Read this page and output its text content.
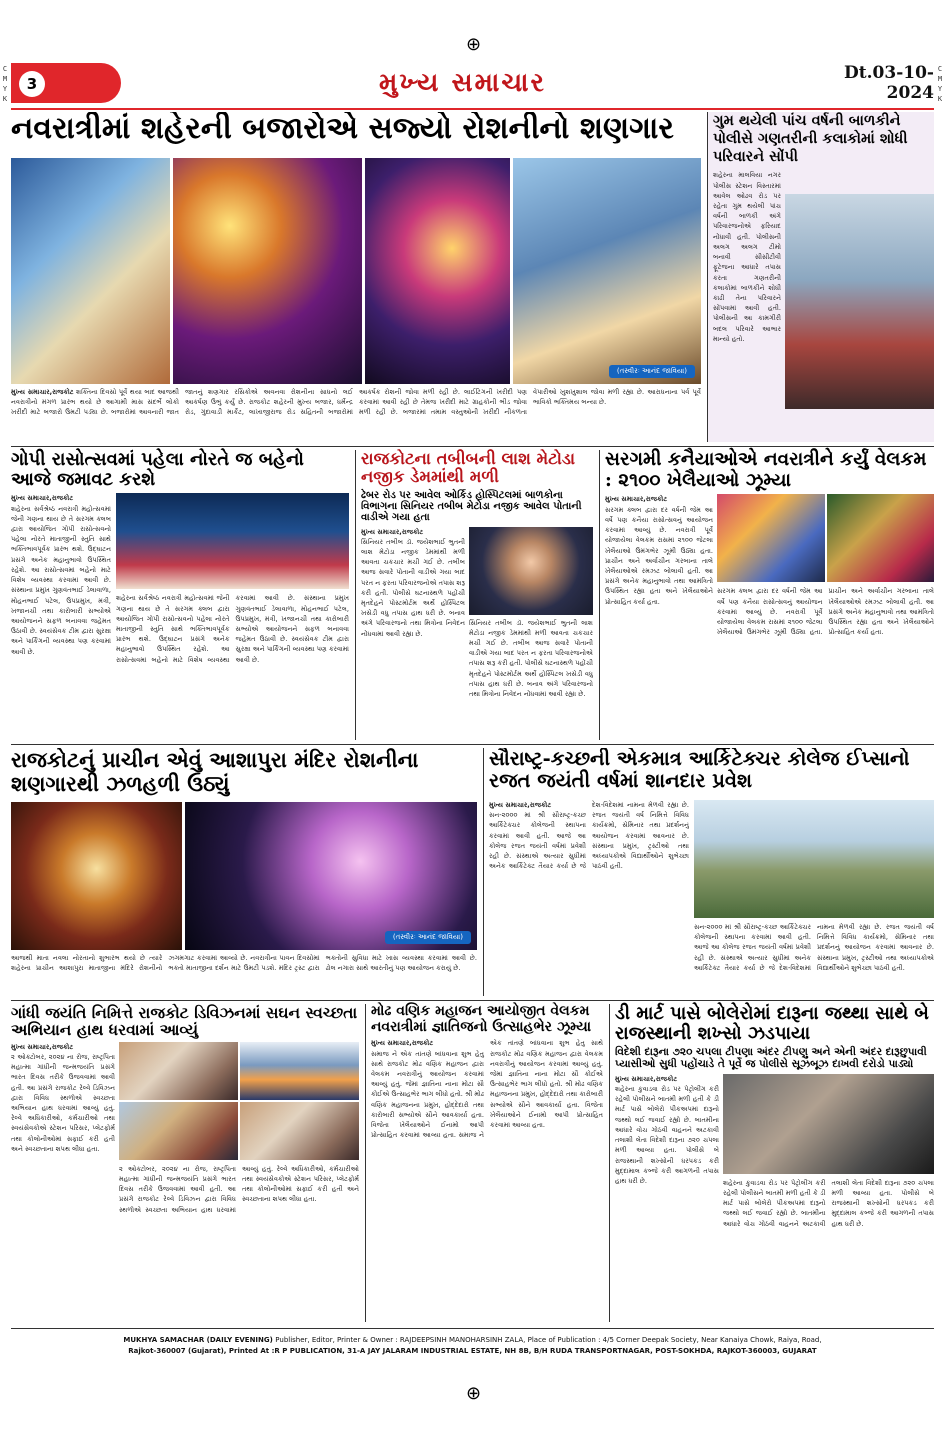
C
M
Y
K
C
M
Y
K
⊕
⊕
3	મુખ્ય સમાચાર	Dt.03-10-2024
નવરાત્રીમાં શહેરની બજારોએ સજ્યો રોશનીનો શણગાર
(તસ્વીરઃ આનંદ જાવિયા)
મુખ્ય સમાચાર,રાજકોટ શક્તિના દિવસો પૂર્વે થયા બાદ આજથી નવરાત્રીનો મંગળ પ્રારંભ થયો છે આગામી માસ સંદર્ભે લોકો ખરીદી માટે બજારો ઉમટી પડ્યા છે. બજારોમાં આવનારી જાત જાતનું શણગાર રસિકોએ અવનવા રોશનીના સાધનો લઈ આકર્ષણ ઉભું કર્યું છે. રાજકોટ શહેરની મુખ્ય બજાર, ધર્મેન્દ્ર રોડ, ગુંદાવાડી માર્કેટ, લાખાજીરાજ રોડ સહિતની બજારોમાં આકર્ષક રોશની જોવા મળી રહી છે. લાઈટિંગની ખરીદી પણ કરવામાં આવી રહી છે તેમજ ખરીદી માટે ગ્રાહકોની ભીડ જોવા મળી રહી છે. બજારમાં તમામ વસ્તુઓની ખરીદી નીકળતા વેપારીઓ ખુશખુશાલ જોવા મળી રહ્યા છે. આરાધનાના પર્વ પૂર્વે ભાવિકો ભક્તિમય બન્યા છે.
ગુમ થયેલી પાંચ વર્ષની બાળકીને પોલીસે ગણતરીની કલાકોમાં શોધી પરિવારને સોંપી
શહેરના માલવિયા નગર પોલીસ સ્ટેશન વિસ્તારમાં આવેલ ઓઢવ રોડ પર રહેતા ગુમ થયેલી પાંચ વર્ષની બાળકી અંગે પરિવારજનોએ ફરિયાદ નોંધાવી હતી. પોલીસની અલગ અલગ ટીમો બનાવી સીસીટીવી ફૂટેજના આધારે તપાસ કરતા ગણતરીની કલાકોમાં બાળકીને શોધી કાઢી તેના પરિવારને સોંપવામાં આવી હતી. પોલીસની આ કામગીરી બદલ પરિવારે આભાર માન્યો હતો.
ગોપી રાસોત્સવમાં પહેલા નોરતે જ બહેનો આજે જમાવટ કરશે
મુખ્ય સમાચાર,રાજકોટ
શહેરના સર્વશ્રેષ્ઠ નવરાત્રી મહોત્સવમાં જેની ગણના થાય છે તે સરગમ ક્લબ દ્વારા આયોજિત ગોપી રાસોત્સવનો પહેલા નોરતે માતાજીની સ્તુતિ સાથે ભક્તિભાવપૂર્વક પ્રારંભ થશે. ઉદ્ઘાટન પ્રસંગે અનેક મહાનુભાવો ઉપસ્થિત રહેશે. આ રાસોત્સવમાં બહેનો માટે વિશેષ વ્યવસ્થા કરવામાં આવી છે. સંસ્થાના પ્રમુખ ગુણવંતભાઈ ડેલાવાળા, મોહનભાઈ પટેલ, ઉપપ્રમુખ, મંત્રી, ખજાનચી તથા કારોબારી સભ્યોએ આયોજનને સફળ બનાવવા જહેમત ઉઠાવી છે. સ્વયંસેવક ટીમ દ્વારા સુરક્ષા અને પાર્કિંગની વ્યવસ્થા પણ કરવામાં આવી છે.
શહેરના સર્વશ્રેષ્ઠ નવરાત્રી મહોત્સવમાં જેની ગણના થાય છે તે સરગમ ક્લબ દ્વારા આયોજિત ગોપી રાસોત્સવનો પહેલા નોરતે માતાજીની સ્તુતિ સાથે ભક્તિભાવપૂર્વક પ્રારંભ થશે. ઉદ્ઘાટન પ્રસંગે અનેક મહાનુભાવો ઉપસ્થિત રહેશે. આ રાસોત્સવમાં બહેનો માટે વિશેષ વ્યવસ્થા કરવામાં આવી છે. સંસ્થાના પ્રમુખ ગુણવંતભાઈ ડેલાવાળા, મોહનભાઈ પટેલ, ઉપપ્રમુખ, મંત્રી, ખજાનચી તથા કારોબારી સભ્યોએ આયોજનને સફળ બનાવવા જહેમત ઉઠાવી છે. સ્વયંસેવક ટીમ દ્વારા સુરક્ષા અને પાર્કિંગની વ્યવસ્થા પણ કરવામાં આવી છે.
રાજકોટના તબીબની લાશ મેટોડા નજીક ડેમમાંથી મળી
ઢેબર રોડ પર આવેલ ઓર્કિડ હોસ્પિટલમાં બાળકોના વિભાગના સિનિયર તબીબ મેટોડા નજીક આવેલ પોતાની વાડીએ ગયા હતા
મુખ્ય સમાચાર,રાજકોટ
સિનિયર તબીબ ડૉ. જયેશભાઈ ભુતની લાશ મેટોડા નજીક ડેમમાંથી મળી આવતા ચકચાર મચી ગઈ છે. તબીબ આજ સવારે પોતાની વાડીએ ગયા બાદ પરત ન ફરતા પરિવારજનોએ તપાસ શરૂ કરી હતી. પોલીસે ઘટનાસ્થળે પહોંચી મૃતદેહને પોસ્ટમોર્ટમ અર્થે હોસ્પિટલ ખસેડી વધુ તપાસ હાથ ધરી છે. બનાવ અંગે પરિવારજનો તથા મિત્રોના નિવેદન નોંધવામાં આવી રહ્યા છે.
સિનિયર તબીબ ડૉ. જયેશભાઈ ભુતની લાશ મેટોડા નજીક ડેમમાંથી મળી આવતા ચકચાર મચી ગઈ છે. તબીબ આજ સવારે પોતાની વાડીએ ગયા બાદ પરત ન ફરતા પરિવારજનોએ તપાસ શરૂ કરી હતી. પોલીસે ઘટનાસ્થળે પહોંચી મૃતદેહને પોસ્ટમોર્ટમ અર્થે હોસ્પિટલ ખસેડી વધુ તપાસ હાથ ધરી છે. બનાવ અંગે પરિવારજનો તથા મિત્રોના નિવેદન નોંધવામાં આવી રહ્યા છે.
સરગમી કનૈયાઓએ નવરાત્રીને કર્યું વેલકમ : ૨૧૦૦ ખેલૈયાઓ ઝૂમ્યા
મુખ્ય સમાચાર,રાજકોટ
સરગમ ક્લબ દ્વારા દર વર્ષની જેમ આ વર્ષે પણ કનૈયા રાસોત્સવનું આયોજન કરવામાં આવ્યું છે. નવરાત્રી પૂર્વે યોજાયેલા વેલકમ રાસમાં ૨૧૦૦ જેટલા ખેલૈયાઓ ઉમંગભેર ઝૂમી ઉઠ્યા હતા. પ્રાચીન અને અર્વાચીન ગરબાના તાલે ખેલૈયાઓએ રમઝટ બોલાવી હતી. આ પ્રસંગે અનેક મહાનુભાવો તથા આમંત્રિતો ઉપસ્થિત રહ્યા હતા અને ખેલૈયાઓને પ્રોત્સાહિત કર્યા હતા.
સરગમ ક્લબ દ્વારા દર વર્ષની જેમ આ વર્ષે પણ કનૈયા રાસોત્સવનું આયોજન કરવામાં આવ્યું છે. નવરાત્રી પૂર્વે યોજાયેલા વેલકમ રાસમાં ૨૧૦૦ જેટલા ખેલૈયાઓ ઉમંગભેર ઝૂમી ઉઠ્યા હતા. પ્રાચીન અને અર્વાચીન ગરબાના તાલે ખેલૈયાઓએ રમઝટ બોલાવી હતી. આ પ્રસંગે અનેક મહાનુભાવો તથા આમંત્રિતો ઉપસ્થિત રહ્યા હતા અને ખેલૈયાઓને પ્રોત્સાહિત કર્યા હતા.
રાજકોટનું પ્રાચીન એવું આશાપુરા મંદિર રોશનીના શણગારથી ઝળહળી ઉઠ્યું
(તસ્વીરઃ આનંદ જાવિયા)
આજથી માતા નવલા નોરતાનો શુભારંભ થયો છે ત્યારે શહેરના પ્રાચીન આશાપુરા માતાજીના મંદિરે રોશનીનો ઝગમગાટ કરવામાં આવ્યો છે. નવરાત્રીના પાવન દિવસોમાં ભક્તો માતાજીના દર્શન માટે ઉમટી પડશે. મંદિર ટ્રસ્ટ દ્વારા ભક્તોની સુવિધા માટે ખાસ વ્યવસ્થા કરવામાં આવી છે. ઢોલ નગારા સાથે આરતીનું પણ આયોજન કરાયું છે.
સૌરાષ્ટ્ર-કચ્છની એકમાત્ર આર્કિટેક્ચર કોલેજ ઈપ્સાનો રજત જયંતી વર્ષમાં શાનદાર પ્રવેશ
મુખ્ય સમાચાર,રાજકોટ
સન-૨૦૦૦ માં શ્રી સૌરાષ્ટ્ર-કચ્છ આર્કિટેક્ચર કોલેજની સ્થાપના કરવામાં આવી હતી. આજે આ કોલેજ રજત જયંતી વર્ષમાં પ્રવેશી રહી છે. સંસ્થાએ અત્યાર સુધીમાં અનેક આર્કિટેક્ટ તૈયાર કર્યા છે જે દેશ-વિદેશમાં નામના મેળવી રહ્યા છે. રજત જયંતી વર્ષ નિમિત્તે વિવિધ કાર્યક્રમો, સેમિનાર તથા પ્રદર્શનનું આયોજન કરવામાં આવનાર છે. સંસ્થાના પ્રમુખ, ટ્રસ્ટીઓ તથા અધ્યાપકોએ વિદ્યાર્થીઓને શુભેચ્છા પાઠવી હતી.
સન-૨૦૦૦ માં શ્રી સૌરાષ્ટ્ર-કચ્છ આર્કિટેક્ચર કોલેજની સ્થાપના કરવામાં આવી હતી. આજે આ કોલેજ રજત જયંતી વર્ષમાં પ્રવેશી રહી છે. સંસ્થાએ અત્યાર સુધીમાં અનેક આર્કિટેક્ટ તૈયાર કર્યા છે જે દેશ-વિદેશમાં નામના મેળવી રહ્યા છે. રજત જયંતી વર્ષ નિમિત્તે વિવિધ કાર્યક્રમો, સેમિનાર તથા પ્રદર્શનનું આયોજન કરવામાં આવનાર છે. સંસ્થાના પ્રમુખ, ટ્રસ્ટીઓ તથા અધ્યાપકોએ વિદ્યાર્થીઓને શુભેચ્છા પાઠવી હતી.
ગાંધી જયંતિ નિમિત્તે રાજકોટ ડિવિઝનમાં સઘન સ્વચ્છતા અભિયાન હાથ ધરવામાં આવ્યું
મુખ્ય સમાચાર,રાજકોટ
૨ ઓક્ટોબર, ૨૦૨૪ ના રોજ, રાષ્ટ્રપિતા મહાત્મા ગાંધીની જન્મજયંતિ પ્રસંગે ભારત દિવસ તરીકે ઉજવવામાં આવી હતી. આ પ્રસંગે રાજકોટ રેલ્વે ડિવિઝન દ્વારા વિવિધ સ્થળોએ સ્વચ્છતા અભિયાન હાથ ધરવામાં આવ્યું હતું. રેલ્વે અધિકારીઓ, કર્મચારીઓ તથા સ્વયંસેવકોએ સ્ટેશન પરિસર, પ્લેટફોર્મ તથા કોલોનીઓમાં સફાઈ કરી હતી અને સ્વચ્છતાના શપથ લીધા હતા.
૨ ઓક્ટોબર, ૨૦૨૪ ના રોજ, રાષ્ટ્રપિતા મહાત્મા ગાંધીની જન્મજયંતિ પ્રસંગે ભારત દિવસ તરીકે ઉજવવામાં આવી હતી. આ પ્રસંગે રાજકોટ રેલ્વે ડિવિઝન દ્વારા વિવિધ સ્થળોએ સ્વચ્છતા અભિયાન હાથ ધરવામાં આવ્યું હતું. રેલ્વે અધિકારીઓ, કર્મચારીઓ તથા સ્વયંસેવકોએ સ્ટેશન પરિસર, પ્લેટફોર્મ તથા કોલોનીઓમાં સફાઈ કરી હતી અને સ્વચ્છતાના શપથ લીધા હતા.
મોઢ વણિક મહાજન આયોજીત વેલકમ નવરાત્રીમાં જ્ઞાતિજનો ઉત્સાહભેર ઝૂમ્યા
મુખ્ય સમાચાર,રાજકોટ
સમાજ ને એક તાંતણે બાંધવાના શુભ હેતુ સાથે રાજકોટ મોઢ વણિક મહાજન દ્વારા વેલકમ નવરાત્રીનું આયોજન કરવામાં આવ્યું હતું. જેમાં જ્ઞાતિના નાના મોટા સૌ કોઈએ ઉત્સાહભેર ભાગ લીધો હતો. શ્રી મોઢ વણિક મહાજનના પ્રમુખ, હોદ્દેદારો તથા કારોબારી સભ્યોએ સૌને આવકાર્યા હતા. વિજેતા ખેલૈયાઓને ઈનામો આપી પ્રોત્સાહિત કરવામાં આવ્યા હતા. સમાજ ને એક તાંતણે બાંધવાના શુભ હેતુ સાથે રાજકોટ મોઢ વણિક મહાજન દ્વારા વેલકમ નવરાત્રીનું આયોજન કરવામાં આવ્યું હતું. જેમાં જ્ઞાતિના નાના મોટા સૌ કોઈએ ઉત્સાહભેર ભાગ લીધો હતો. શ્રી મોઢ વણિક મહાજનના પ્રમુખ, હોદ્દેદારો તથા કારોબારી સભ્યોએ સૌને આવકાર્યા હતા. વિજેતા ખેલૈયાઓને ઈનામો આપી પ્રોત્સાહિત કરવામાં આવ્યા હતા.
ડી માર્ટ પાસે બોલેરોમાં દારૂના જથ્થા સાથે બે રાજસ્થાની શખ્સો ઝડપાયા
વિદેશી દારૂના ૭૨૦ ચપલા ટીપણા અંદર ટીપણુ અને એની અંદર દારૂછુપાવી પ્યાસીઓ સુધી પહોંચાડે તે પૂર્વે જ પોલીસે સૂઝબૂઝ દાખવી દરોડો પાડ્યો
મુખ્ય સમાચાર,રાજકોટ
શહેરના કુવાડવા રોડ પર પેટ્રોલીંગ કરી રહેલી પોલીસને બાતમી મળી હતી કે ડી માર્ટ પાસે બોલેરો પીકઅપમાં દારૂનો જથ્થો લઈ જવાઈ રહ્યો છે. બાતમીના આધારે વોચ ગોઠવી વાહનને અટકાવી તલાશી લેતા વિદેશી દારૂના ૭૨૦ ચપલા મળી આવ્યા હતા. પોલીસે બે રાજસ્થાની શખ્સોની ધરપકડ કરી મુદ્દામાલ કબ્જે કરી આગળની તપાસ હાથ ધરી છે.	શહેરના કુવાડવા રોડ પર પેટ્રોલીંગ કરી રહેલી પોલીસને બાતમી મળી હતી કે ડી માર્ટ પાસે બોલેરો પીકઅપમાં દારૂનો જથ્થો લઈ જવાઈ રહ્યો છે. બાતમીના આધારે વોચ ગોઠવી વાહનને અટકાવી તલાશી લેતા વિદેશી દારૂના ૭૨૦ ચપલા મળી આવ્યા હતા. પોલીસે બે રાજસ્થાની શખ્સોની ધરપકડ કરી મુદ્દામાલ કબ્જે કરી આગળની તપાસ હાથ ધરી છે.
MUKHYA SAMACHAR (DAILY EVENING) Publisher, Editor, Printer & Owner : RAJDEEPSINH MANOHARSINH ZALA, Place of Publication : 4/5 Corner Deepak Society, Near Kanaiya Chowk, Raiya, Road,
Rajkot-360007 (Gujarat), Printed At :R P PUBLICATION, 31-A JAY JALARAM INDUSTRIAL ESTATE, NH 8B, B/H RUDA TRANSPORTNAGAR, POST-SOKHDA, RAJKOT-360003, GUJARAT
